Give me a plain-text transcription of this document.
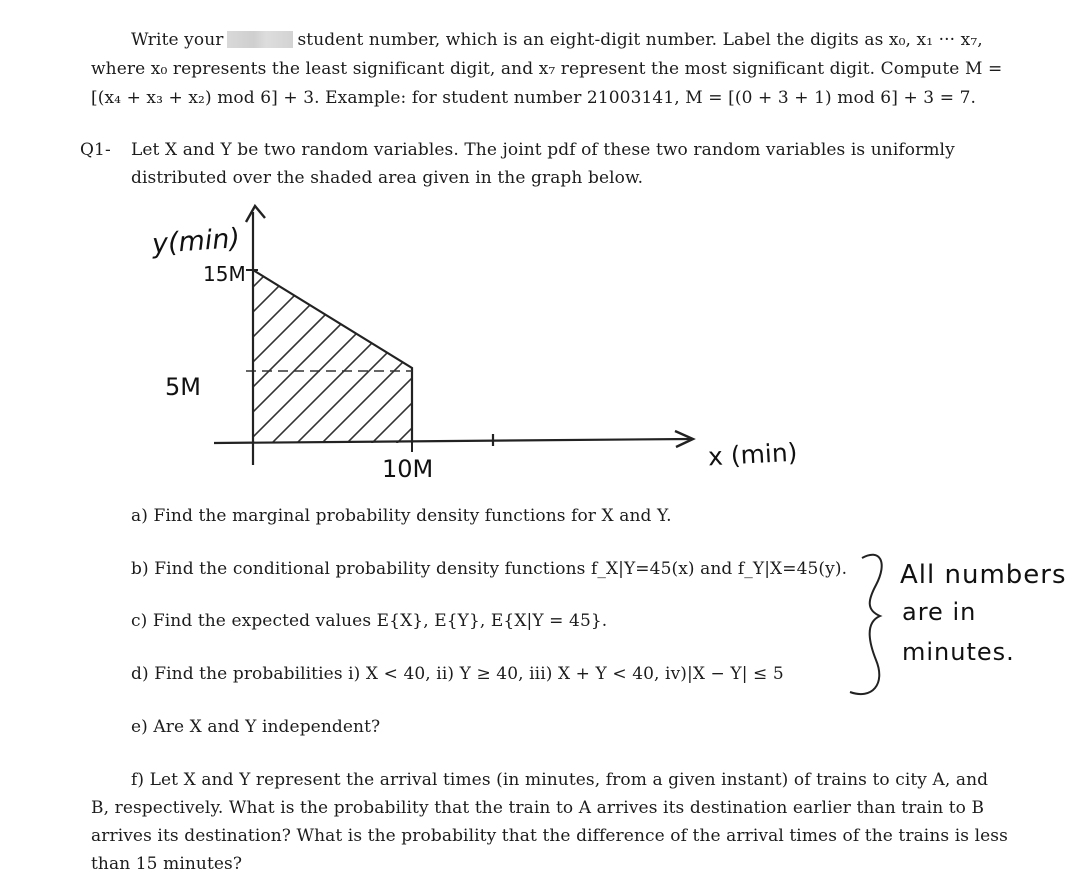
Write your	student number, which is an eight-digit number. Label the digits as x₀, x₁ ··· x₇,
where x₀ represents the least significant digit, and x₇ represent the most significant digit. Compute M =
[(x₄ + x₃ + x₂) mod 6] + 3. Example: for student number 21003141, M = [(0 + 3 + 1) mod 6] + 3 = 7.
Q1- Let X and Y be two random variables. The joint pdf of these two random variables is uniformly
distributed over the shaded area given in the graph below.
y(min)
15M
5M
10M	x (min)
a) Find the marginal probability density functions for X and Y.
b) Find the conditional probability density functions f_X|Y=45(x) and f_Y|X=45(y).
c) Find the expected values E{X}, E{Y}, E{X|Y = 45}.
d) Find the probabilities i) X < 40, ii) Y ≥ 40, iii) X + Y < 40, iv)|X − Y| ≤ 5
e) Are X and Y independent?
All numbers
are in
minutes.
f) Let X and Y represent the arrival times (in minutes, from a given instant) of trains to city A, and
B, respectively. What is the probability that the train to A arrives its destination earlier than train to B
arrives its destination? What is the probability that the difference of the arrival times of the trains is less
than 15 minutes?
